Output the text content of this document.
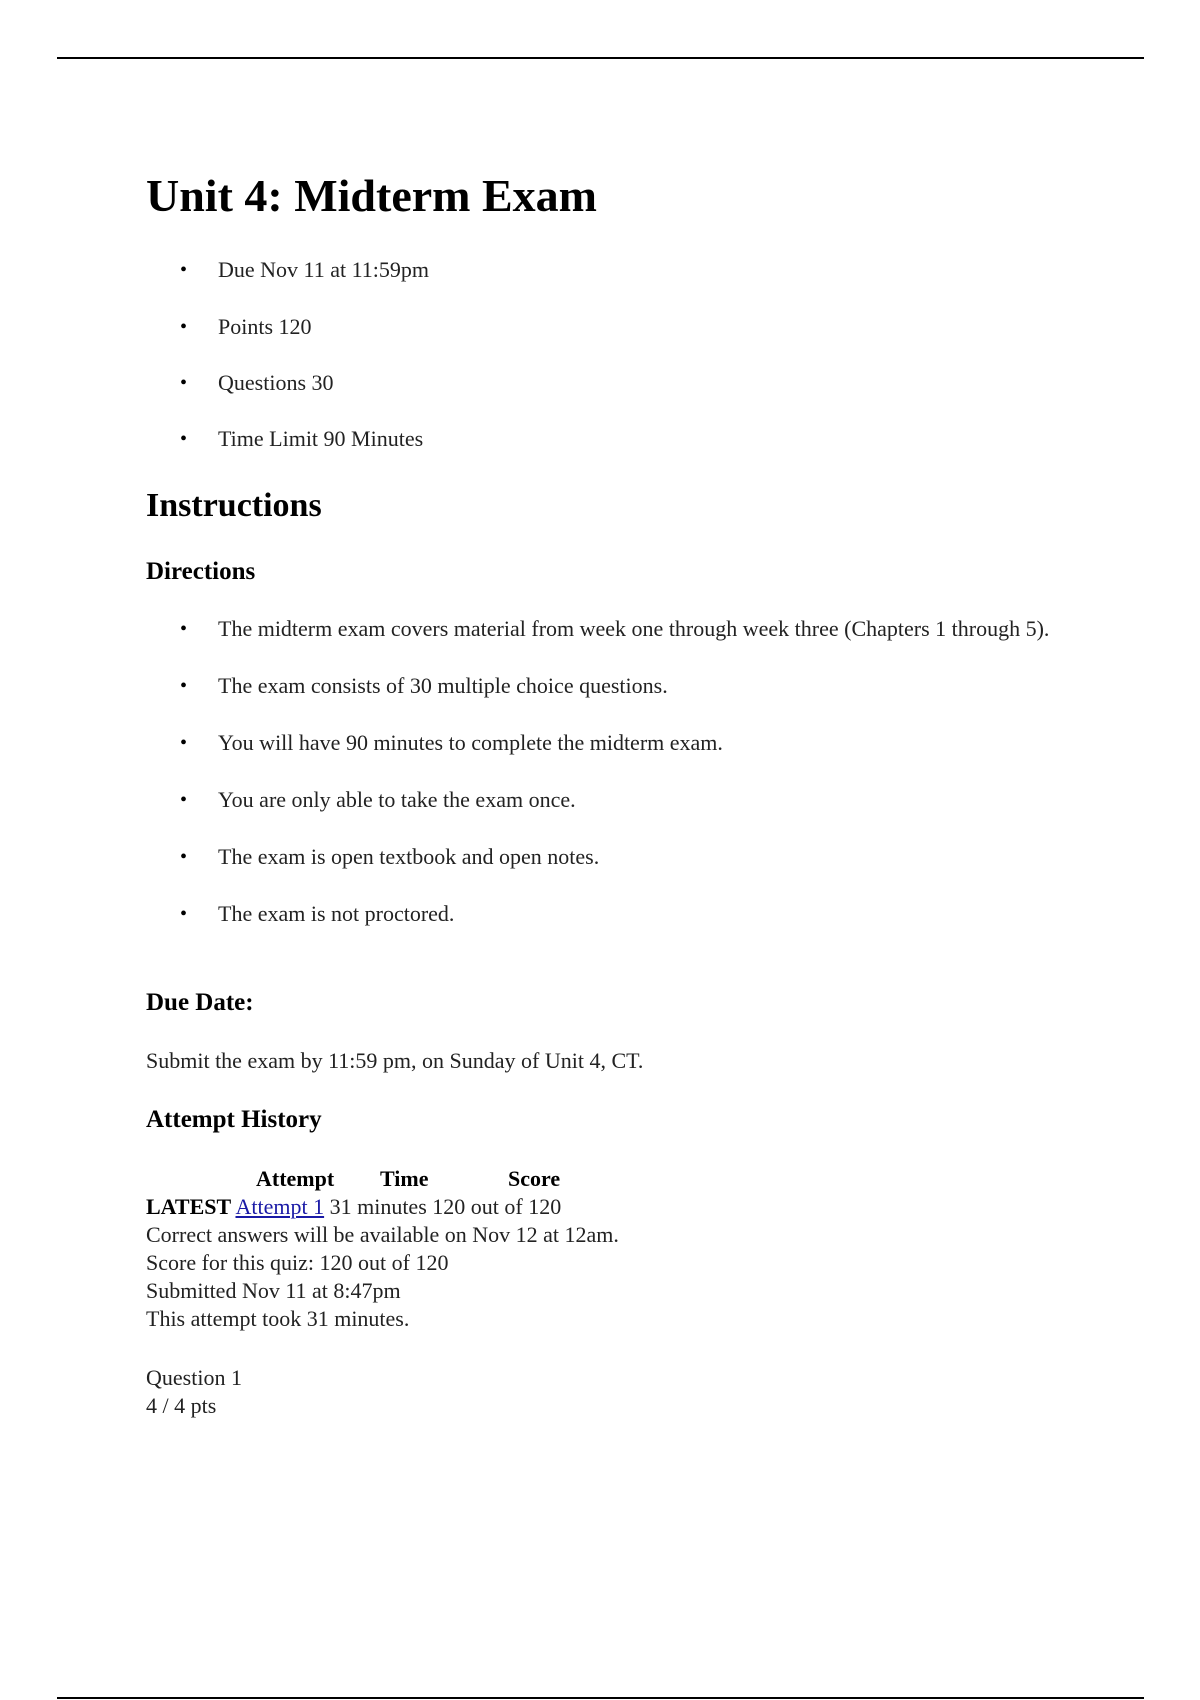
Unit 4: Midterm Exam
• Due Nov 11 at 11:59pm
• Points 120
• Questions 30
• Time Limit 90 Minutes
Instructions
Directions
• The midterm exam covers material from week one through week three (Chapters 1 through 5).
• The exam consists of 30 multiple choice questions.
• You will have 90 minutes to complete the midterm exam.
• You are only able to take the exam once.
• The exam is open textbook and open notes.
• The exam is not proctored.
Due Date:

Submit the exam by 11:59 pm, on Sunday of Unit 4, CT.

Attempt History
Attempt Time	Score
LATEST Attempt 1 31 minutes 120 out of 120
Correct answers will be available on Nov 12 at 12am.
Score for this quiz: 120 out of 120
Submitted Nov 11 at 8:47pm
This attempt took 31 minutes.
Question 1
4 / 4 pts
